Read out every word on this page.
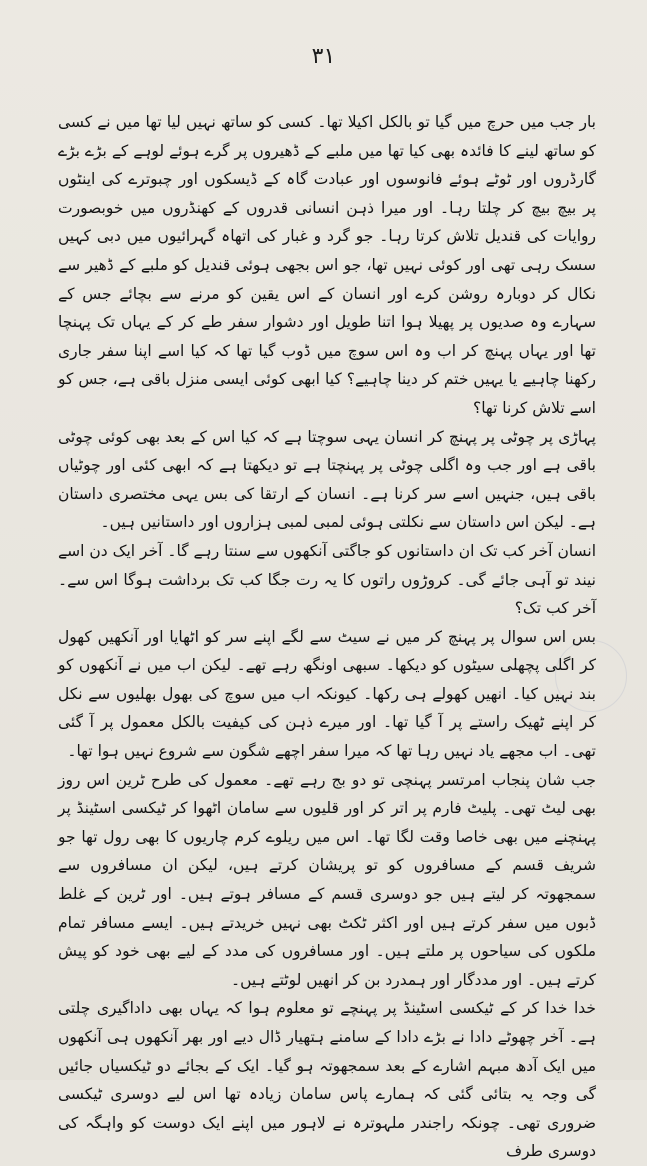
۳۱

بار جب میں حرچ میں گیا تو بالکل اکیلا تھا۔ کسی کو ساتھ نہیں لیا تھا میں نے کسی کو ساتھ لینے کا فائدہ بھی کیا تھا میں ملبے کے ڈھیروں پر گرے ہوئے لوہے کے بڑے بڑے گارڈروں اور ٹوٹے ہوئے فانوسوں اور عبادت گاہ کے ڈیسکوں اور چبوترے کی اینٹوں پر بیچ بیچ کر چلتا رہا۔ اور میرا ذہن انسانی قدروں کے کھنڈروں میں خوبصورت روایات کی قندیل تلاش کرتا رہا۔ جو گرد و غبار کی اتھاہ گہرائیوں میں دبی کہیں سسک رہی تھی اور کوئی نہیں تھا، جو اس بجھی ہوئی قندیل کو ملبے کے ڈھیر سے نکال کر دوبارہ روشن کرے اور انسان کے اس یقین کو مرنے سے بچائے جس کے سہارے وہ صدیوں پر پھیلا ہوا اتنا طویل اور دشوار سفر طے کر کے یہاں تک پہنچا تھا اور یہاں پہنچ کر اب وہ اس سوچ میں ڈوب گیا تھا کہ کیا اسے اپنا سفر جاری رکھنا چاہیے یا یہیں ختم کر دینا چاہیے؟ کیا ابھی کوئی ایسی منزل باقی ہے، جس کو اسے تلاش کرنا تھا؟

پہاڑی پر چوٹی پر پہنچ کر انسان یہی سوچتا ہے کہ کیا اس کے بعد بھی کوئی چوٹی باقی ہے اور جب وہ اگلی چوٹی پر پہنچتا ہے تو دیکھتا ہے کہ ابھی کئی اور چوٹیاں باقی ہیں، جنہیں اسے سر کرنا ہے۔ انسان کے ارتقا کی بس یہی مختصری داستان ہے۔ لیکن اس داستان سے نکلتی ہوئی لمبی لمبی ہزاروں اور داستانیں ہیں۔

انسان آخر کب تک ان داستانوں کو جاگتی آنکھوں سے سنتا رہے گا۔ آخر ایک دن اسے نیند تو آہی جائے گی۔ کروڑوں راتوں کا یہ رت جگا کب تک برداشت ہوگا اس سے۔ آخر کب تک؟

بس اس سوال پر پہنچ کر میں نے سیٹ سے لگے اپنے سر کو اٹھایا اور آنکھیں کھول کر اگلی پچھلی سیٹوں کو دیکھا۔ سبھی اونگھ رہے تھے۔ لیکن اب میں نے آنکھوں کو بند نہیں کیا۔ انھیں کھولے ہی رکھا۔ کیونکہ اب میں سوچ کی بھول بھلیوں سے نکل کر اپنے ٹھیک راستے پر آ گیا تھا۔ اور میرے ذہن کی کیفیت بالکل معمول پر آ گئی تھی۔ اب مجھے یاد نہیں رہا تھا کہ میرا سفر اچھے شگون سے شروع نہیں ہوا تھا۔

جب شان پنجاب امرتسر پہنچی تو دو بج رہے تھے۔ معمول کی طرح ٹرین اس روز بھی لیٹ تھی۔ پلیٹ فارم پر اتر کر اور قلیوں سے سامان اٹھوا کر ٹیکسی اسٹینڈ پر پہنچنے میں بھی خاصا وقت لگا تھا۔ اس میں ریلوے کرم چاریوں کا بھی رول تھا جو شریف قسم کے مسافروں کو تو پریشان کرتے ہیں، لیکن ان مسافروں سے سمجھوتہ کر لیتے ہیں جو دوسری قسم کے مسافر ہوتے ہیں۔ اور ٹرین کے غلط ڈبوں میں سفر کرتے ہیں اور اکثر ٹکٹ بھی نہیں خریدتے ہیں۔ ایسے مسافر تمام ملکوں کی سیاحوں پر ملتے ہیں۔ اور مسافروں کی مدد کے لیے بھی خود کو پیش کرتے ہیں۔ اور مددگار اور ہمدرد بن کر انھیں لوٹتے ہیں۔

خدا خدا کر کے ٹیکسی اسٹینڈ پر پہنچے تو معلوم ہوا کہ یہاں بھی داداگیری چلتی ہے۔ آخر چھوٹے دادا نے بڑے دادا کے سامنے ہتھیار ڈال دیے اور بھر آنکھوں ہی آنکھوں میں ایک آدھ مبہم اشارے کے بعد سمجھوتہ ہو گیا۔ ایک کے بجائے دو ٹیکسیاں جائیں گی وجہ یہ بتائی گئی کہ ہمارے پاس سامان زیادہ تھا اس لیے دوسری ٹیکسی ضروری تھی۔ چونکہ راجندر ملہوترہ نے لاہور میں اپنے ایک دوست کو واہگہ کی دوسری طرف
